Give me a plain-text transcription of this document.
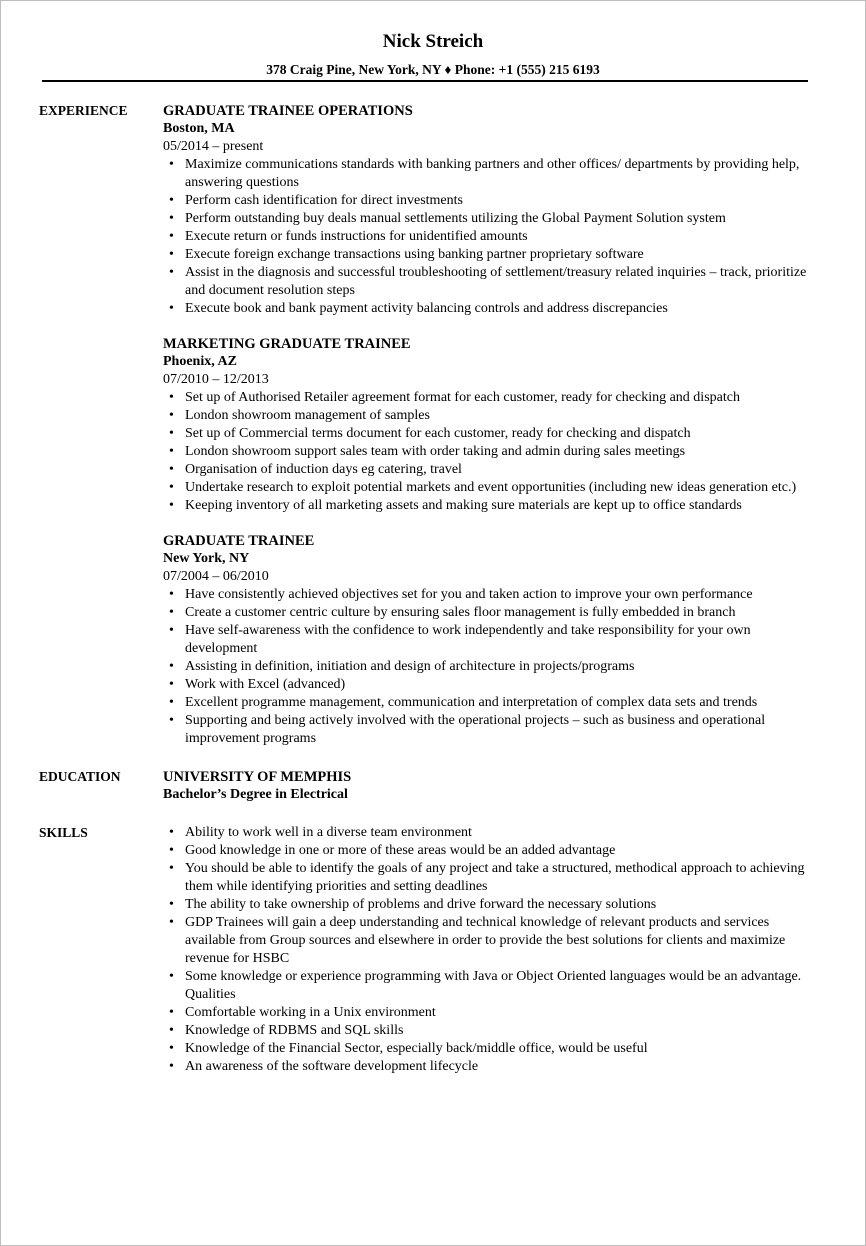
Nick Streich
378 Craig Pine, New York, NY ♦ Phone: +1 (555) 215 6193
EXPERIENCE	GRADUATE TRAINEE OPERATIONS
Boston, MA
05/2014 – present
• Maximize communications standards with banking partners and other offices/ departments by providing help, answering questions
• Perform cash identification for direct investments
• Perform outstanding buy deals manual settlements utilizing the Global Payment Solution system
• Execute return or funds instructions for unidentified amounts
• Execute foreign exchange transactions using banking partner proprietary software
• Assist in the diagnosis and successful troubleshooting of settlement/treasury related inquiries – track, prioritize and document resolution steps
• Execute book and bank payment activity balancing controls and address discrepancies
MARKETING GRADUATE TRAINEE
Phoenix, AZ
07/2010 – 12/2013
• Set up of Authorised Retailer agreement format for each customer, ready for checking and dispatch
• London showroom management of samples
• Set up of Commercial terms document for each customer, ready for checking and dispatch
• London showroom support sales team with order taking and admin during sales meetings
• Organisation of induction days eg catering, travel
• Undertake research to exploit potential markets and event opportunities (including new ideas generation etc.)
• Keeping inventory of all marketing assets and making sure materials are kept up to office standards
GRADUATE TRAINEE
New York, NY
07/2004 – 06/2010
• Have consistently achieved objectives set for you and taken action to improve your own performance
• Create a customer centric culture by ensuring sales floor management is fully embedded in branch
• Have self-awareness with the confidence to work independently and take responsibility for your own development
• Assisting in definition, initiation and design of architecture in projects/programs
• Work with Excel (advanced)
• Excellent programme management, communication and interpretation of complex data sets and trends
• Supporting and being actively involved with the operational projects – such as business and operational improvement programs
EDUCATION	UNIVERSITY OF MEMPHIS
Bachelor’s Degree in Electrical
SKILLS
•	Ability to work well in a diverse team environment
• Good knowledge in one or more of these areas would be an added advantage
• You should be able to identify the goals of any project and take a structured, methodical approach to achieving them while identifying priorities and setting deadlines
• The ability to take ownership of problems and drive forward the necessary solutions
• GDP Trainees will gain a deep understanding and technical knowledge of relevant products and services available from Group sources and elsewhere in order to provide the best solutions for clients and maximize revenue for HSBC
• Some knowledge or experience programming with Java or Object Oriented languages would be an advantage. Qualities
• Comfortable working in a Unix environment
• Knowledge of RDBMS and SQL skills
• Knowledge of the Financial Sector, especially back/middle office, would be useful
• An awareness of the software development lifecycle
